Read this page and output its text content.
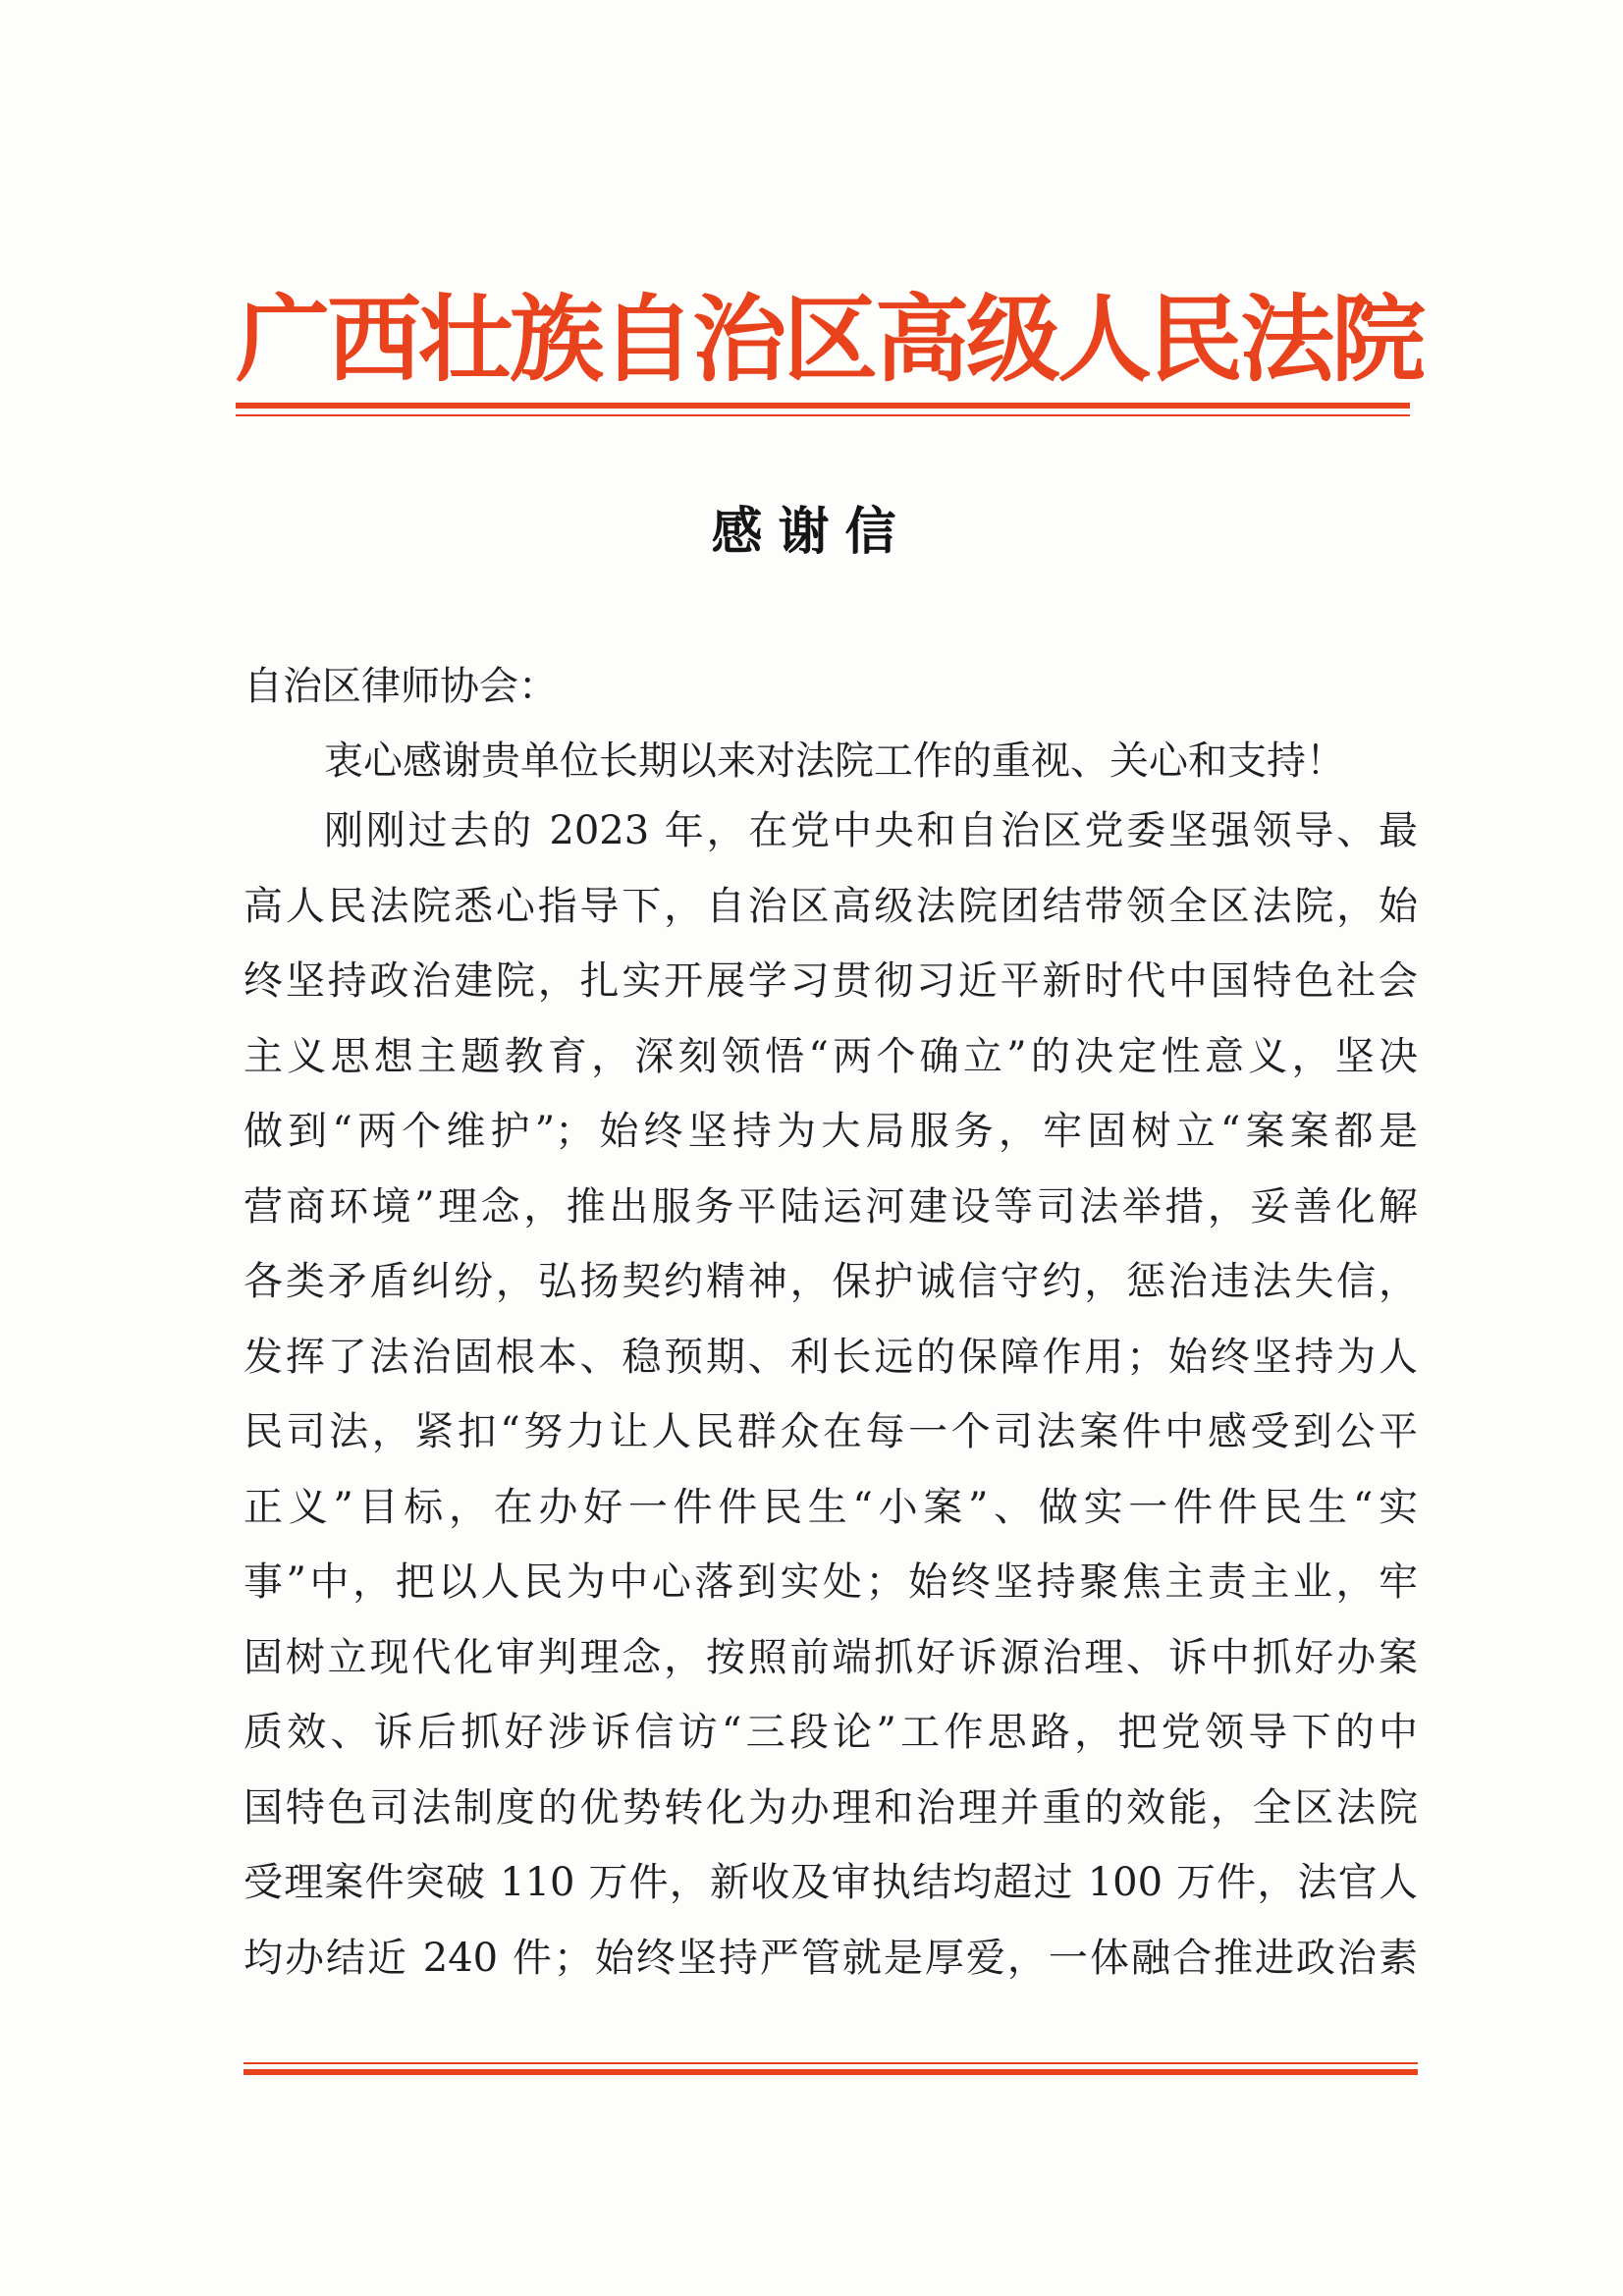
广西壮族自治区高级人民法院
感谢信

自治区律师协会：

衷心感谢贵单位长期以来对法院工作的重视、关心和支持！

刚刚过去的 2023 年，在党中央和自治区党委坚强领导、最
高人民法院悉心指导下，自治区高级法院团结带领全区法院，始
终坚持政治建院，扎实开展学习贯彻习近平新时代中国特色社会
主义思想主题教育，深刻领悟“两个确立”的决定性意义，坚决
做到“两个维护”；始终坚持为大局服务，牢固树立“案案都是
营商环境”理念，推出服务平陆运河建设等司法举措，妥善化解
各类矛盾纠纷，弘扬契约精神，保护诚信守约，惩治违法失信，
发挥了法治固根本、稳预期、利长远的保障作用；始终坚持为人
民司法，紧扣“努力让人民群众在每一个司法案件中感受到公平
正义”目标，在办好一件件民生“小案”、做实一件件民生“实
事”中，把以人民为中心落到实处；始终坚持聚焦主责主业，牢
固树立现代化审判理念，按照前端抓好诉源治理、诉中抓好办案
质效、诉后抓好涉诉信访“三段论”工作思路，把党领导下的中
国特色司法制度的优势转化为办理和治理并重的效能，全区法院
受理案件突破 110 万件，新收及审执结均超过 100 万件，法官人
均办结近 240 件；始终坚持严管就是厚爱，一体融合推进政治素
